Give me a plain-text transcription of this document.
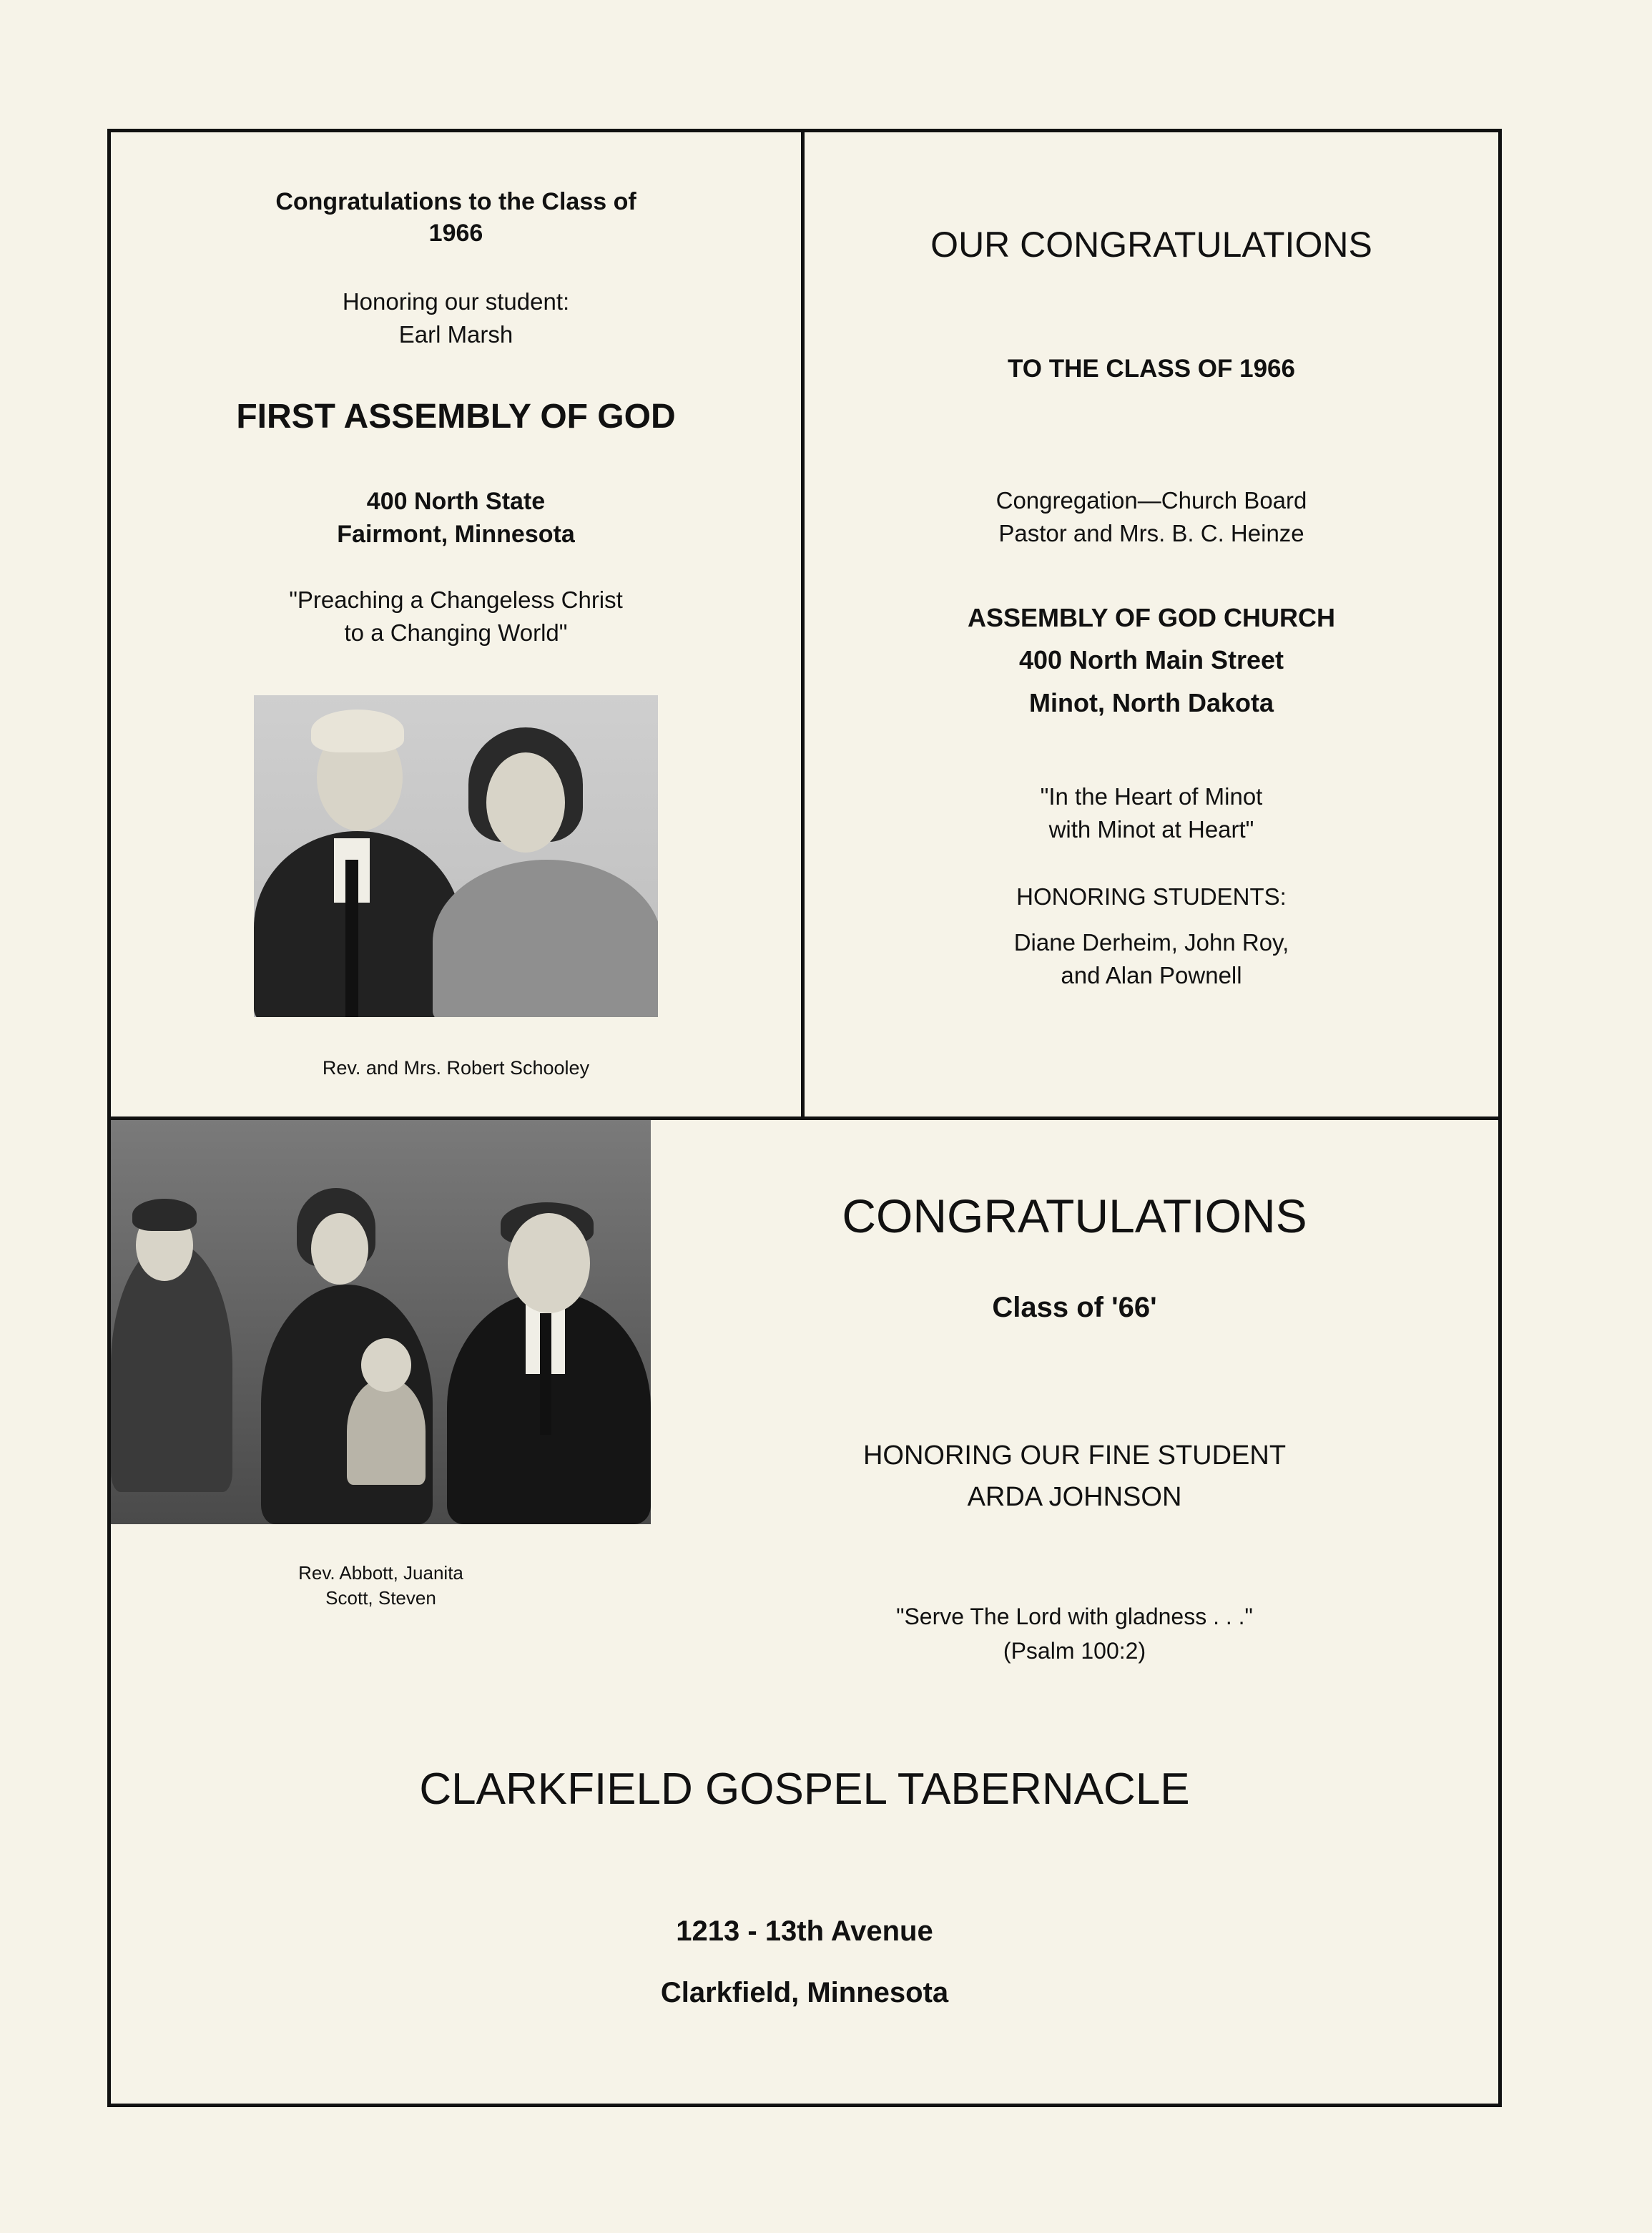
Congratulations to the Class of
1966
Honoring our student:
Earl Marsh
FIRST ASSEMBLY OF GOD
400 North State
Fairmont, Minnesota
"Preaching a Changeless Christ
to a Changing World"
Rev. and Mrs. Robert Schooley
OUR CONGRATULATIONS
TO THE CLASS OF 1966
Congregation—Church Board
Pastor and Mrs. B. C. Heinze
ASSEMBLY OF GOD CHURCH
400 North Main Street
Minot, North Dakota
"In the Heart of Minot
with Minot at Heart"
HONORING STUDENTS:
Diane Derheim, John Roy,
and Alan Pownell
Rev. Abbott, Juanita
Scott, Steven
CONGRATULATIONS
Class of '66'
HONORING OUR FINE STUDENT
ARDA JOHNSON
"Serve The Lord with gladness . . ."
(Psalm 100:2)
CLARKFIELD GOSPEL TABERNACLE
1213 - 13th Avenue
Clarkfield, Minnesota
